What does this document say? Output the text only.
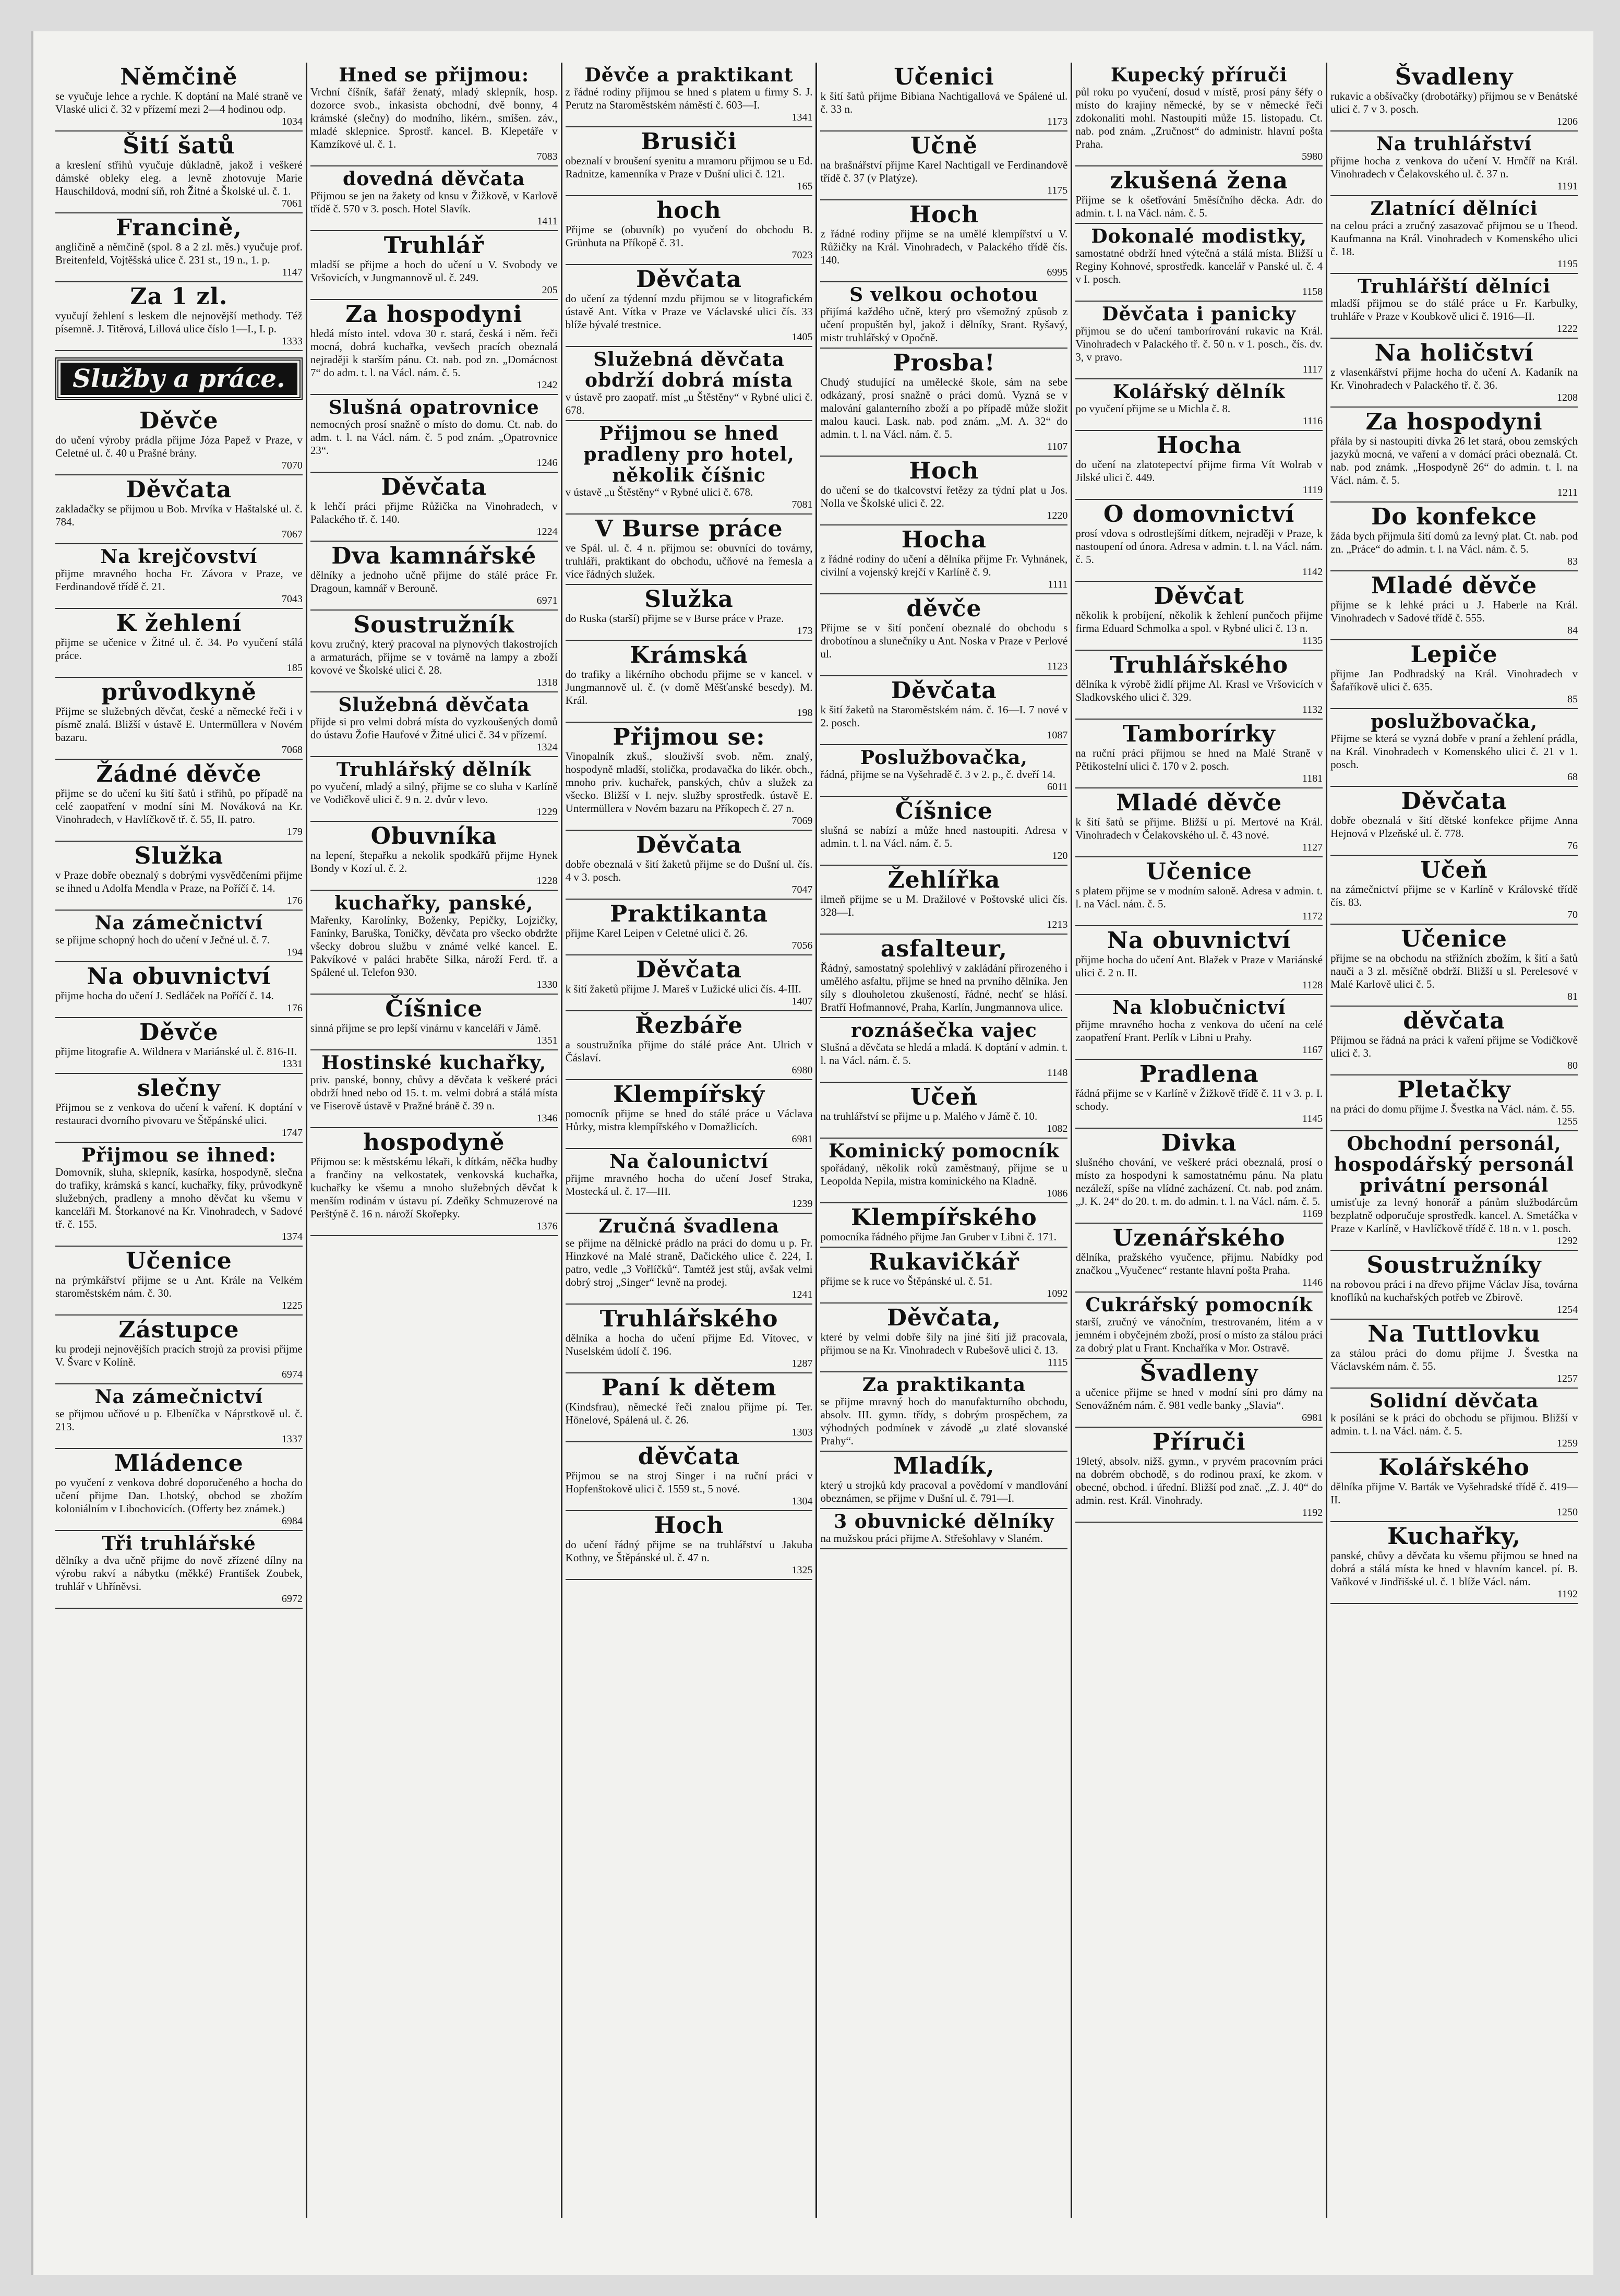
Němčině

se vyučuje lehce a rychle. K doptání na Malé straně ve Vlaské ulici č. 32 v přízemí mezi 2—4 hodinou odp.

1034
Šití šatů

a kreslení střihů vyučuje důkladně, jakož i veškeré dámské obleky eleg. a levně zhotovuje Marie Hauschildová, modní síň, roh Žitné a Školské ul. č. 1.

7061
Francině,

angličině a němčině (spol. 8 a 2 zl. měs.) vyučuje prof. Breitenfeld, Vojtěšská ulice č. 231 st., 19 n., 1. p.

1147
Za 1 zl.

vyučují žehlení s leskem dle nejnovější methody. Též písemně. J. Titěrová, Lillová ulice číslo 1—I., I. p.

1333
Služby a práce.
Děvče

do učení výroby prádla přijme Józa Papež v Praze, v Celetné ul. č. 40 u Prašné brány.

7070
Děvčata

zakladačky se přijmou u Bob. Mrvíka v Haštalské ul. č. 784.

7067
Na krejčovství

přijme mravného hocha Fr. Závora v Praze, ve Ferdinandově třídě č. 21.

7043
K žehlení

přijme se učenice v Žitné ul. č. 34. Po vyučení stálá práce.

185
průvodkyně

Přijme se služebných děvčat, české a německé řeči i v písmě znalá. Bližší v ústavě E. Untermüllera v Novém bazaru.

7068
Žádné děvče

přijme se do učení ku šití šatů i střihů, po případě na celé zaopatření v modní síni M. Nováková na Kr. Vinohradech, v Havlíčkově tř. č. 55, II. patro.

179
Služka

v Praze dobře obeznalý s dobrými vysvědčeními přijme se ihned u Adolfa Mendla v Praze, na Poříčí č. 14.

176
Na zámečnictví

se přijme schopný hoch do učení v Ječné ul. č. 7.

194
Na obuvnictví

přijme hocha do učení J. Sedláček na Poříčí č. 14.

176
Děvče

přijme litografie A. Wildnera v Mariánské ul. č. 816-II.

1331
slečny

Přijmou se z venkova do učení k vaření. K doptání v restauraci dvorního pivovaru ve Štěpánské ulici.

1747
Přijmou se ihned:

Domovník, sluha, sklepník, kasírka, hospodyně, slečna do trafiky, krámská s kancí, kuchařky, fíky, průvodkyně služebných, pradleny a mnoho děvčat ku všemu v kanceláři M. Štorkanové na Kr. Vinohradech, v Sadové tř. č. 155.

1374
Učenice

na prýmkářství přijme se u Ant. Krále na Velkém staroměstském nám. č. 30.

1225
Zástupce

ku prodeji nejnovějších pracích strojů za provisi přijme V. Švarc v Kolíně.

6974
Na zámečnictví

se přijmou učňové u p. Elbeníčka v Náprstkově ul. č. 213.

1337
Mládence

po vyučení z venkova dobré doporučeného a hocha do učení přijme Dan. Lhotský, obchod se zbožím koloniálním v Libochovicích. (Offerty bez známek.)

6984
Tři truhlářské

dělníky a dva učně přijme do nově zřízené dílny na výrobu rakví a nábytku (měkké) František Zoubek, truhlář v Uhříněvsi.

6972
Hned se přijmou:

Vrchní číšník, šafář ženatý, mladý sklepník, hosp. dozorce svob., inkasista obchodní, dvě bonny, 4 krámské (slečny) do modního, likérn., smíšen. záv., mladé sklepnice. Sprostř. kancel. B. Klepetáře v Kamzíkové ul. č. 1.

7083
dovedná děvčata

Přijmou se jen na žakety od knsu v Žižkově, v Karlově třídě č. 570 v 3. posch. Hotel Slavík.

1411
Truhlář

mladší se přijme a hoch do učení u V. Svobody ve Vršovicích, v Jungmannově ul. č. 249.

205
Za hospodyni

hledá místo intel. vdova 30 r. stará, česká i něm. řeči mocná, dobrá kuchařka, vevšech pracích obeznalá nejraději k starším pánu. Ct. nab. pod zn. „Domácnost 7“ do adm. t. l. na Václ. nám. č. 5.

1242
Slušná opatrovnice

nemocných prosí snažně o místo do domu. Ct. nab. do adm. t. l. na Václ. nám. č. 5 pod znám. „Opatrovnice 23“.

1246
Děvčata

k lehčí práci přijme Růžička na Vinohradech, v Palackého tř. č. 140.

1224
Dva kamnářské

dělníky a jednoho učně přijme do stálé práce Fr. Dragoun, kamnář v Berouně.

6971
Soustružník

kovu zručný, který pracoval na plynových tlakostrojích a armaturách, přijme se v továrně na lampy a zboží kovové ve Školské ulici č. 28.

1318
Služebná děvčata

přijde si pro velmi dobrá místa do vyzkoušených domů do ústavu Žofie Haufové v Žitné ulici č. 34 v přízemí.

1324
Truhlářský dělník

po vyučení, mladý a silný, přijme se co sluha v Karlíně ve Vodičkově ulici č. 9 n. 2. dvůr v levo.

1229
Obuvníka

na lepení, štepařku a nekolik spodkářů přijme Hynek Bondy v Kozí ul. č. 2.

1228
kuchařky, panské,

Mařenky, Karolínky, Boženky, Pepičky, Lojzičky, Fanínky, Baruška, Toničky, děvčata pro všecko obdržte všecky dobrou službu v známé velké kancel. E. Pakvíkové v paláci hraběte Silka, nároží Ferd. tř. a Spálené ul. Telefon 930.

1330
Číšnice

sinná přijme se pro lepší vinárnu v kanceláři v Jámě.

1351
Hostinské kuchařky,

priv. panské, bonny, chůvy a děvčata k veškeré práci obdrží hned nebo od 15. t. m. velmi dobrá a stálá místa ve Fiserově ústavě v Pražné bráně č. 39 n.

1346
hospodyně

Přijmou se: k městskému lékaři, k dítkám, něčka hudby a frančiny na velkostatek, venkovská kuchařka, kuchařky ke všemu a mnoho služebných děvčat k menším rodinám v ústavu pí. Zdeňky Schmuzerové na Perštýně č. 16 n. nároží Skořepky.

1376
Děvče a praktikant

z řádné rodiny přijmou se hned s platem u firmy S. J. Perutz na Staroměstském náměstí č. 603—I.

1341
Brusiči

obeznalí v broušení syenitu a mramoru přijmou se u Ed. Radnitze, kamenníka v Praze v Dušní ulici č. 121.

165
hoch

Přijme se (obuvník) po vyučení do obchodu B. Grünhuta na Příkopě č. 31.

7023
Děvčata

do učení za týdenní mzdu přijmou se v litografickém ústavě Ant. Vítka v Praze ve Václavské ulici čís. 33 blíže bývalé trestnice.

1405
Služebná děvčata obdrží dobrá místa

v ústavě pro zaopatř. míst „u Štěstěny“ v Rybné ulici č. 678.

Přijmou se hned pradleny pro hotel, několik číšnic

v ústavě „u Štěstěny“ v Rybné ulici č. 678.

7081
V Burse práce

ve Spál. ul. č. 4 n. přijmou se: obuvníci do továrny, truhláři, praktikant do obchodu, učňové na řemesla a více řádných služek.

Služka

do Ruska (starší) přijme se v Burse práce v Praze.

173
Krámská

do trafiky a likérního obchodu přijme se v kancel. v Jungmannově ul. č. (v domě Měšťanské besedy). M. Král.

198
Přijmou se:

Vinopalník zkuš., slouživší svob. něm. znalý, hospodyně mladší, stolička, prodavačka do likér. obch., mnoho priv. kuchařek, panských, chův a služek za všecko. Bližší v I. nejv. služby sprostředk. ústavě E. Untermüllera v Novém bazaru na Příkopech č. 27 n.

7069
Děvčata

dobře obeznalá v šití žaketů přijme se do Dušní ul. čís. 4 v 3. posch.

7047
Praktikanta

přijme Karel Leipen v Celetné ulici č. 26.

7056
Děvčata

k šití žaketů přijme J. Mareš v Lužické ulici čís. 4-III.

1407
Řezbáře

a soustružníka přijme do stálé práce Ant. Ulrich v Čáslaví.

6980
Klempířský

pomocník přijme se hned do stálé práce u Václava Hůrky, mistra klempířského v Domažlicích.

6981
Na čalounictví

přijme mravného hocha do učení Josef Straka, Mostecká ul. č. 17—III.

1239
Zručná švadlena

se přijme na dělnické prádlo na práci do domu u p. Fr. Hinzkové na Malé straně, Dačického ulice č. 224, I. patro, vedle „3 Vořlíčků“. Tamtéž jest stůj, avšak velmi dobrý stroj „Singer“ levně na prodej.

1241
Truhlářského

dělníka a hocha do učení přijme Ed. Vítovec, v Nuselském údolí č. 196.

1287
Paní k dětem

(Kindsfrau), německé řeči znalou přijme pí. Ter. Hönelové, Spálená ul. č. 26.

1303
děvčata

Přijmou se na stroj Singer i na ruční práci v Hopfenštokově ulici č. 1559 st., 5 nové.

1304
Hoch

do učení řádný přijme se na truhlářství u Jakuba Kothny, ve Štěpánské ul. č. 47 n.

1325
Učenici

k šití šatů přijme Bibiana Nachtigallová ve Spálené ul. č. 33 n.

1173
Učně

na brašnářství přijme Karel Nachtigall ve Ferdinandově třídě č. 37 (v Platýze).

1175
Hoch

z řádné rodiny přijme se na umělé klempířství u V. Růžičky na Král. Vinohradech, v Palackého třídě čís. 140.

6995
S velkou ochotou

přijímá každého učně, který pro všemožný způsob z učení propuštěn byl, jakož i dělníky, Srant. Ryšavý, mistr truhlářský v Opočně.

Prosba!

Chudý studující na umělecké škole, sám na sebe odkázaný, prosí snažně o práci domů. Vyzná se v malování galanterního zboží a po případě může složit malou kauci. Lask. nab. pod znám. „M. A. 32“ do admin. t. l. na Václ. nám. č. 5.

1107
Hoch

do učení se do tkalcovství řetězy za týdní plat u Jos. Nolla ve Školské ulici č. 22.

1220
Hocha

z řádné rodiny do učení a dělníka přijme Fr. Vyhnánek, civilní a vojenský krejčí v Karlíně č. 9.

1111
děvče

Přijme se v šití pončení obeznalé do obchodu s drobotínou a slunečníky u Ant. Noska v Praze v Perlové ul.

1123
Děvčata

k šití žaketů na Staroměstském nám. č. 16—I. 7 nové v 2. posch.

1087
Poslužbovačka,

řádná, přijme se na Vyšehradě č. 3 v 2. p., č. dveří 14.

6011
Číšnice

slušná se nabízí a může hned nastoupiti. Adresa v admin. t. l. na Václ. nám. č. 5.

120
Žehlířka

ilmeň přijme se u M. Dražilové v Poštovské ulici čís. 328—I.

1213
asfalteur,

Řádný, samostatný spolehlivý v zakládání přirozeného i umělého asfaltu, přijme se hned na prvního dělníka. Jen síly s dlouholetou zkušeností, řádné, nechť se hlásí. Bratří Hofmannové, Praha, Karlín, Jungmannova ulice.

roznášečka vajec

Slušná a děvčata se hledá a mladá. K doptání v admin. t. l. na Václ. nám. č. 5.

1148
Učeň

na truhlářství se přijme u p. Malého v Jámě č. 10.

1082
Kominický pomocník

spořádaný, několik roků zaměstnaný, přijme se u Leopolda Nepila, mistra kominického na Kladně.

1086
Klempířského

pomocníka řádného přijme Jan Gruber v Libni č. 171.

Rukavičkář

přijme se k ruce vo Štěpánské ul. č. 51.

1092
Děvčata,

které by velmi dobře šily na jiné šití již pracovala, přijmou se na Kr. Vinohradech v Rubešově ulici č. 13.

1115
Za praktikanta

se přijme mravný hoch do manufakturního obchodu, absolv. III. gymn. třídy, s dobrým prospěchem, za výhodných podmínek v závodě „u zlaté slovanské Prahy“.

Mladík,

který u strojků kdy pracoval a povědomí v mandlování obeznámen, se přijme v Dušní ul. č. 791—I.

3 obuvnické dělníky

na mužskou práci přijme A. Střešohlavy v Slaném.

Kupecký příruči

půl roku po vyučení, dosud v místě, prosí pány šéfy o místo do krajiny německé, by se v německé řeči zdokonaliti mohl. Nastoupiti může 15. listopadu. Ct. nab. pod znám. „Zručnost“ do administr. hlavní pošta Praha.

5980
zkušená žena

Přijme se k ošetřování 5měsíčního děcka. Adr. do admin. t. l. na Václ. nám. č. 5.

Dokonalé modistky,

samostatné obdrží hned výtečná a stálá místa. Bližší u Reginy Kohnové, sprostředk. kancelář v Panské ul. č. 4 v I. posch.

1158
Děvčata i panicky

přijmou se do učení tamborírování rukavic na Král. Vinohradech v Palackého tř. č. 50 n. v 1. posch., čís. dv. 3, v pravo.

1117
Kolářský dělník

po vyučení přijme se u Michla č. 8.

1116
Hocha

do učení na zlatotepectví přijme firma Vít Wolrab v Jilské ulici č. 449.

1119
O domovnictví

prosí vdova s odrostlejšími dítkem, nejraději v Praze, k nastoupení od února. Adresa v admin. t. l. na Václ. nám. č. 5.

1142
Děvčat

několik k probíjení, několik k žehlení punčoch přijme firma Eduard Schmolka a spol. v Rybné ulici č. 13 n.

1135
Truhlářského

dělníka k výrobě židlí přijme Al. Krasl ve Vršovicích v Sladkovského ulici č. 329.

1132
Tamborírky

na ruční práci přijmou se hned na Malé Straně v Pětikostelní ulici č. 170 v 2. posch.

1181
Mladé děvče

k šití šatů se přijme. Bližší u pí. Mertové na Král. Vinohradech v Čelakovského ul. č. 43 nové.

1127
Učenice

s platem přijme se v modním saloně. Adresa v admin. t. l. na Václ. nám. č. 5.

1172
Na obuvnictví

přijme hocha do učení Ant. Blažek v Praze v Mariánské ulici č. 2 n. II.

1128
Na klobučnictví

přijme mravného hocha z venkova do učení na celé zaopatření Frant. Perlík v Libni u Prahy.

1167
Pradlena

řádná přijme se v Karlíně v Žižkově třídě č. 11 v 3. p. I. schody.

1145
Divka

slušného chování, ve veškeré práci obeznalá, prosí o místo za hospodyni k samostatnému pánu. Na platu nezáleží, spíše na vlídné zacházení. Ct. nab. pod znám. „J. K. 24“ do 20. t. m. do admin. t. l. na Václ. nám. č. 5.

1169
Uzenářského

dělníka, pražského vyučence, přijmu. Nabídky pod značkou „Vyučenec“ restante hlavní pošta Praha.

1146
Cukrářský pomocník

starší, zručný ve vánočním, trestrovaném, litém a v jemném i obyčejném zboží, prosí o místo za stálou práci za dobrý plat u Frant. Knchaříka v Mor. Ostravě.

Švadleny

a učenice přijme se hned v modní síni pro dámy na Senovážném nám. č. 981 vedle banky „Slavia“.

6981
Příruči

19letý, absolv. nižš. gymn., v pryvém pracovním práci na dobrém obchodě, s do rodinou praxí, ke zkom. v obecné, obchod. i úřední. Bližší pod znač. „Z. J. 40“ do admin. rest. Král. Vinohrady.

1192
Švadleny

rukavic a obšívačky (drobotářky) přijmou se v Benátské ulici č. 7 v 3. posch.

1206
Na truhlářství

přijme hocha z venkova do učení V. Hrnčíř na Král. Vinohradech v Čelakovského ul. č. 37 n.

1191
Zlatnící dělníci

na celou práci a zručný zasazovač přijmou se u Theod. Kaufmanna na Král. Vinohradech v Komenského ulici č. 18.

1195
Truhlářští dělníci

mladší přijmou se do stálé práce u Fr. Karbulky, truhláře v Praze v Koubkově ulici č. 1916—II.

1222
Na holičství

z vlasenkářství přijme hocha do učení A. Kadaník na Kr. Vinohradech v Palackého tř. č. 36.

1208
Za hospodyni

přála by si nastoupiti dívka 26 let stará, obou zemských jazyků mocná, ve vaření a v domácí práci obeznalá. Ct. nab. pod známk. „Hospodyně 26“ do admin. t. l. na Václ. nám. č. 5.

1211
Do konfekce

žáda bych přijmula šití domů za levný plat. Ct. nab. pod zn. „Práce“ do admin. t. l. na Václ. nám. č. 5.

83
Mladé děvče

přijme se k lehké práci u J. Haberle na Král. Vinohradech v Sadové třídě č. 555.

84
Lepiče

přijme Jan Podhradský na Král. Vinohradech v Šafaříkově ulici č. 635.

85
poslužbovačka,

Přijme se která se vyzná dobře v praní a žehlení prádla, na Král. Vinohradech v Komenského ulici č. 21 v 1. posch.

68
Děvčata

dobře obeznalá v šití dětské konfekce přijme Anna Hejnová v Plzeňské ul. č. 778.

76
Učeň

na zámečnictví přijme se v Karlíně v Královské třídě čís. 83.

70
Učenice

přijme se na obchodu na střižních zbožím, k šití a šatů nauči a 3 zl. měsíčně obdrží. Bližší u sl. Perelesové v Malé Karlově ulici č. 5.

81
děvčata

Přijmou se řádná na práci k vaření přijme se Vodičkově ulici č. 3.

80
Pletačky

na práci do domu přijme J. Švestka na Václ. nám. č. 55.

1255
Obchodní personál, hospodářský personál privátní personál

umisťuje za levný honorář a pánům službodárcům bezplatně odporučuje sprostředk. kancel. A. Smetáčka v Praze v Karlíně, v Havlíčkově třídě č. 18 n. v 1. posch.

1292
Soustružníky

na robovou práci i na dřevo přijme Václav Jísa, továrna knoflíků na kuchařských potřeb ve Zbirově.

1254
Na Tuttlovku

za stálou práci do domu přijme J. Švestka na Václavském nám. č. 55.

1257
Solidní děvčata

k posíláni se k práci do obchodu se přijmou. Bližší v admin. t. l. na Václ. nám. č. 5.

1259
Kolářského

dělníka přijme V. Barták ve Vyšehradské třídě č. 419—II.

1250
Kuchařky,

panské, chůvy a děvčata ku všemu přijmou se hned na dobrá a stálá místa ke hned v hlavním kancel. pí. B. Vaňkové v Jindřišské ul. č. 1 blíže Václ. nám.

1192
